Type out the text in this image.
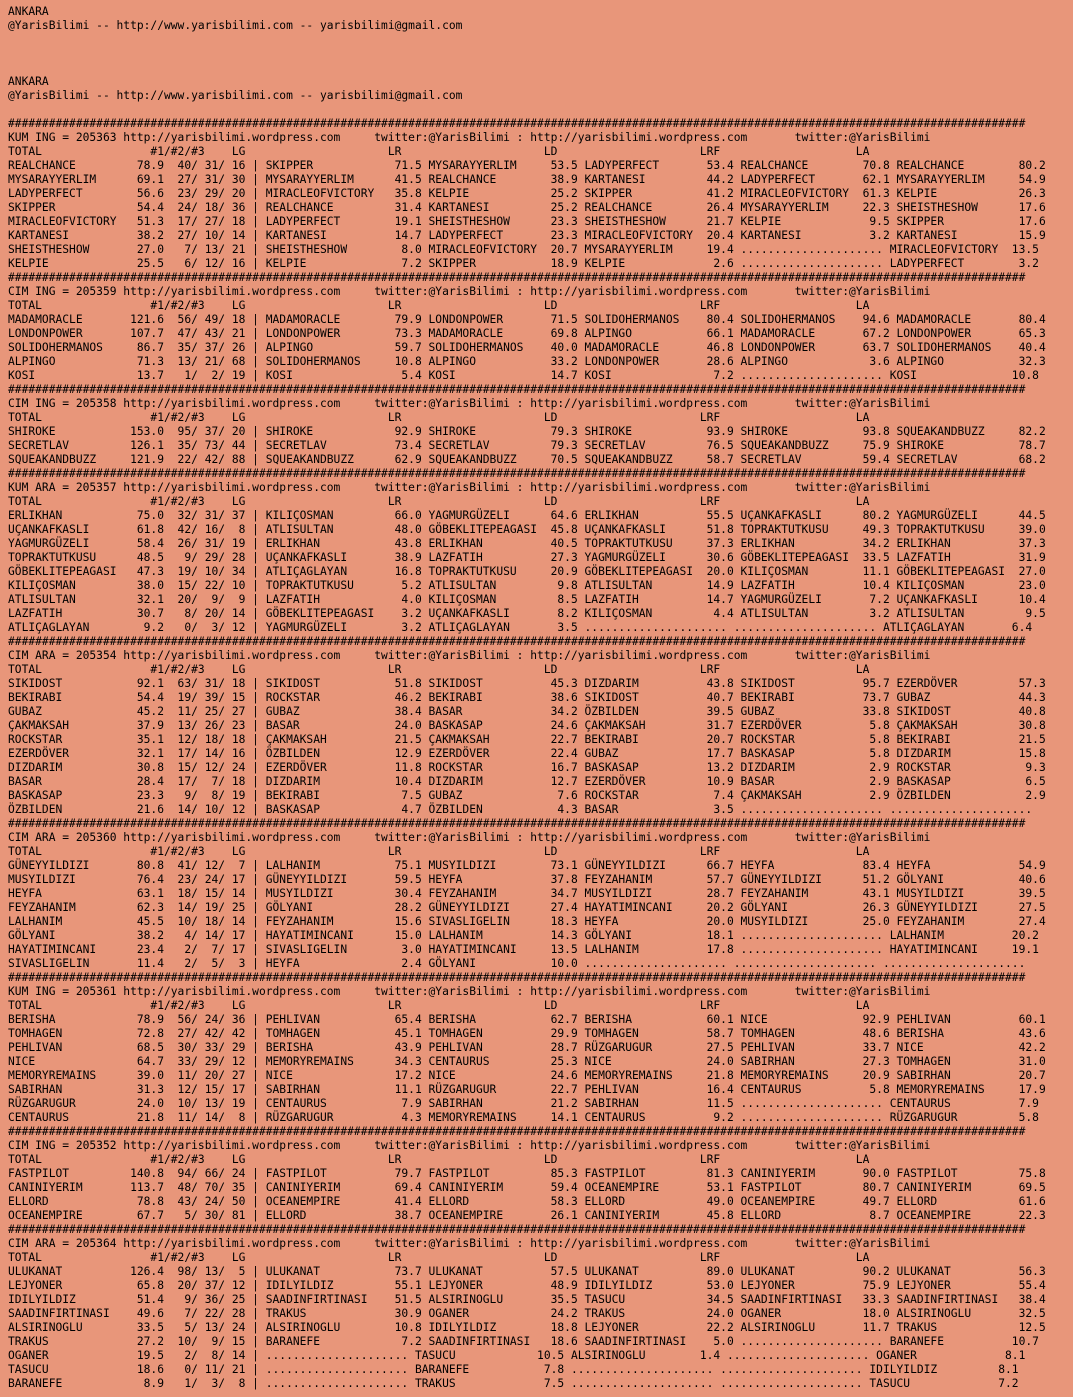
ANKARA
@YarisBilimi -- http://www.yarisbilimi.com -- yarisbilimi@gmail.com
ANKARA
@YarisBilimi -- http://www.yarisbilimi.com -- yarisbilimi@gmail.com
######################################################################################################################################################
KUM ING = 205363 http://yarisbilimi.wordpress.com     twitter:@YarisBilimi : http://yarisbilimi.wordpress.com       twitter:@YarisBilimi
TOTAL                #1/#2/#3    LG                     LR                     LD                     LRF                    LA
REALCHANCE         78.9  40/ 31/ 16 | SKIPPER            71.5 MYSARAYYERLIM     53.5 LADYPERFECT       53.4 REALCHANCE        70.8 REALCHANCE        80.2
MYSARAYYERLIM      69.1  27/ 31/ 30 | MYSARAYYERLIM      41.5 REALCHANCE        38.9 KARTANESI         44.2 LADYPERFECT       62.1 MYSARAYYERLIM     54.9
LADYPERFECT        56.6  23/ 29/ 20 | MIRACLEOFVICTORY   35.8 KELPIE            25.2 SKIPPER           41.2 MIRACLEOFVICTORY  61.3 KELPIE            26.3
SKIPPER            54.4  24/ 18/ 36 | REALCHANCE         31.4 KARTANESI         25.2 REALCHANCE        26.4 MYSARAYYERLIM     22.3 SHEISTHESHOW      17.6
MIRACLEOFVICTORY   51.3  17/ 27/ 18 | LADYPERFECT        19.1 SHEISTHESHOW      23.3 SHEISTHESHOW      21.7 KELPIE             9.5 SKIPPER           17.6
KARTANESI          38.2  27/ 10/ 14 | KARTANESI          14.7 LADYPERFECT       23.3 MIRACLEOFVICTORY  20.4 KARTANESI          3.2 KARTANESI         15.9
SHEISTHESHOW       27.0   7/ 13/ 21 | SHEISTHESHOW        8.0 MIRACLEOFVICTORY  20.7 MYSARAYYERLIM     19.4 ..................... MIRACLEOFVICTORY  13.5
KELPIE             25.5   6/ 12/ 16 | KELPIE              7.2 SKIPPER           18.9 KELPIE             2.6 ..................... LADYPERFECT        3.2
######################################################################################################################################################
CIM ING = 205359 http://yarisbilimi.wordpress.com     twitter:@YarisBilimi : http://yarisbilimi.wordpress.com       twitter:@YarisBilimi
TOTAL                #1/#2/#3    LG                     LR                     LD                     LRF                    LA
MADAMORACLE       121.6  56/ 49/ 18 | MADAMORACLE        79.9 LONDONPOWER       71.5 SOLIDOHERMANOS    80.4 SOLIDOHERMANOS    94.6 MADAMORACLE       80.4
LONDONPOWER       107.7  47/ 43/ 21 | LONDONPOWER        73.3 MADAMORACLE       69.8 ALPINGO           66.1 MADAMORACLE       67.2 LONDONPOWER       65.3
SOLIDOHERMANOS     86.7  35/ 37/ 26 | ALPINGO            59.7 SOLIDOHERMANOS    40.0 MADAMORACLE       46.8 LONDONPOWER       63.7 SOLIDOHERMANOS    40.4
ALPINGO            71.3  13/ 21/ 68 | SOLIDOHERMANOS     10.8 ALPINGO           33.2 LONDONPOWER       28.6 ALPINGO            3.6 ALPINGO           32.3
KOSI               13.7   1/  2/ 19 | KOSI                5.4 KOSI              14.7 KOSI               7.2 ..................... KOSI              10.8
######################################################################################################################################################
CIM ING = 205358 http://yarisbilimi.wordpress.com     twitter:@YarisBilimi : http://yarisbilimi.wordpress.com       twitter:@YarisBilimi
TOTAL                #1/#2/#3    LG                     LR                     LD                     LRF                    LA
SHIROKE           153.0  95/ 37/ 20 | SHIROKE            92.9 SHIROKE           79.3 SHIROKE           93.9 SHIROKE           93.8 SQUEAKANDBUZZ     82.2
SECRETLAV         126.1  35/ 73/ 44 | SECRETLAV          73.4 SECRETLAV         79.3 SECRETLAV         76.5 SQUEAKANDBUZZ     75.9 SHIROKE           78.7
SQUEAKANDBUZZ     121.9  22/ 42/ 88 | SQUEAKANDBUZZ      62.9 SQUEAKANDBUZZ     70.5 SQUEAKANDBUZZ     58.7 SECRETLAV         59.4 SECRETLAV         68.2
######################################################################################################################################################
KUM ARA = 205357 http://yarisbilimi.wordpress.com     twitter:@YarisBilimi : http://yarisbilimi.wordpress.com       twitter:@YarisBilimi
TOTAL                #1/#2/#3    LG                     LR                     LD                     LRF                    LA
ERLIKHAN           75.0  32/ 31/ 37 | KILIÇOSMAN         66.0 YAGMURGÜZELI      64.6 ERLIKHAN          55.5 UÇANKAFKASLI      80.2 YAGMURGÜZELI      44.5
UÇANKAFKASLI       61.8  42/ 16/  8 | ATLISULTAN         48.0 GÖBEKLITEPEAGASI  45.8 UÇANKAFKASLI      51.8 TOPRAKTUTKUSU     49.3 TOPRAKTUTKUSU     39.0
YAGMURGÜZELI       58.4  26/ 31/ 19 | ERLIKHAN           43.8 ERLIKHAN          40.5 TOPRAKTUTKUSU     37.3 ERLIKHAN          34.2 ERLIKHAN          37.3
TOPRAKTUTKUSU      48.5   9/ 29/ 28 | UÇANKAFKASLI       38.9 LAZFATIH          27.3 YAGMURGÜZELI      30.6 GÖBEKLITEPEAGASI  33.5 LAZFATIH          31.9
GÖBEKLITEPEAGASI   47.3  19/ 10/ 34 | ATLIÇAGLAYAN       16.8 TOPRAKTUTKUSU     20.9 GÖBEKLITEPEAGASI  20.0 KILIÇOSMAN        11.1 GÖBEKLITEPEAGASI  27.0
KILIÇOSMAN         38.0  15/ 22/ 10 | TOPRAKTUTKUSU       5.2 ATLISULTAN         9.8 ATLISULTAN        14.9 LAZFATIH          10.4 KILIÇOSMAN        23.0
ATLISULTAN         32.1  20/  9/  9 | LAZFATIH            4.0 KILIÇOSMAN         8.5 LAZFATIH          14.7 YAGMURGÜZELI       7.2 UÇANKAFKASLI      10.4
LAZFATIH           30.7   8/ 20/ 14 | GÖBEKLITEPEAGASI    3.2 UÇANKAFKASLI       8.2 KILIÇOSMAN         4.4 ATLISULTAN         3.2 ATLISULTAN         9.5
ATLIÇAGLAYAN        9.2   0/  3/ 12 | YAGMURGÜZELI        3.2 ATLIÇAGLAYAN       3.5 ..................... ..................... ATLIÇAGLAYAN       6.4
######################################################################################################################################################
CIM ARA = 205354 http://yarisbilimi.wordpress.com     twitter:@YarisBilimi : http://yarisbilimi.wordpress.com       twitter:@YarisBilimi
TOTAL                #1/#2/#3    LG                     LR                     LD                     LRF                    LA
SIKIDOST           92.1  63/ 31/ 18 | SIKIDOST           51.8 SIKIDOST          45.3 DIZDARIM          43.8 SIKIDOST          95.7 EZERDÖVER         57.3
BEKIRABI           54.4  19/ 39/ 15 | ROCKSTAR           46.2 BEKIRABI          38.6 SIKIDOST          40.7 BEKIRABI          73.7 GUBAZ             44.3
GUBAZ              45.2  11/ 25/ 27 | GUBAZ              38.4 BASAR             34.2 ÖZBILDEN          39.5 GUBAZ             33.8 SIKIDOST          40.8
ÇAKMAKSAH          37.9  13/ 26/ 23 | BASAR              24.0 BASKASAP          24.6 ÇAKMAKSAH         31.7 EZERDÖVER          5.8 ÇAKMAKSAH         30.8
ROCKSTAR           35.1  12/ 18/ 18 | ÇAKMAKSAH          21.5 ÇAKMAKSAH         22.7 BEKIRABI          20.7 ROCKSTAR           5.8 BEKIRABI          21.5
EZERDÖVER          32.1  17/ 14/ 16 | ÖZBILDEN           12.9 EZERDÖVER         22.4 GUBAZ             17.7 BASKASAP           5.8 DIZDARIM          15.8
DIZDARIM           30.8  15/ 12/ 24 | EZERDÖVER          11.8 ROCKSTAR          16.7 BASKASAP          13.2 DIZDARIM           2.9 ROCKSTAR           9.3
BASAR              28.4  17/  7/ 18 | DIZDARIM           10.4 DIZDARIM          12.7 EZERDÖVER         10.9 BASAR              2.9 BASKASAP           6.5
BASKASAP           23.3   9/  8/ 19 | BEKIRABI            7.5 GUBAZ              7.6 ROCKSTAR           7.4 ÇAKMAKSAH          2.9 ÖZBILDEN           2.9
ÖZBILDEN           21.6  14/ 10/ 12 | BASKASAP            4.7 ÖZBILDEN           4.3 BASAR              3.5 ..................... .....................
######################################################################################################################################################
CIM ARA = 205360 http://yarisbilimi.wordpress.com     twitter:@YarisBilimi : http://yarisbilimi.wordpress.com       twitter:@YarisBilimi
TOTAL                #1/#2/#3    LG                     LR                     LD                     LRF                    LA
GÜNEYYILDIZI       80.8  41/ 12/  7 | LALHANIM           75.1 MUSYILDIZI        73.1 GÜNEYYILDIZI      66.7 HEYFA             83.4 HEYFA             54.9
MUSYILDIZI         76.4  23/ 24/ 17 | GÜNEYYILDIZI       59.5 HEYFA             37.8 FEYZAHANIM        57.7 GÜNEYYILDIZI      51.2 GÖLYANI           40.6
HEYFA              63.1  18/ 15/ 14 | MUSYILDIZI         30.4 FEYZAHANIM        34.7 MUSYILDIZI        28.7 FEYZAHANIM        43.1 MUSYILDIZI        39.5
FEYZAHANIM         62.3  14/ 19/ 25 | GÖLYANI            28.2 GÜNEYYILDIZI      27.4 HAYATIMINCANI     20.2 GÖLYANI           26.3 GÜNEYYILDIZI      27.5
LALHANIM           45.5  10/ 18/ 14 | FEYZAHANIM         15.6 SIVASLIGELIN      18.3 HEYFA             20.0 MUSYILDIZI        25.0 FEYZAHANIM        27.4
GÖLYANI            38.2   4/ 14/ 17 | HAYATIMINCANI      15.0 LALHANIM          14.3 GÖLYANI           18.1 ..................... LALHANIM          20.2
HAYATIMINCANI      23.4   2/  7/ 17 | SIVASLIGELIN        3.0 HAYATIMINCANI     13.5 LALHANIM          17.8 ..................... HAYATIMINCANI     19.1
SIVASLIGELIN       11.4   2/  5/  3 | HEYFA               2.4 GÖLYANI           10.0 ..................... ..................... .....................
######################################################################################################################################################
KUM ING = 205361 http://yarisbilimi.wordpress.com     twitter:@YarisBilimi : http://yarisbilimi.wordpress.com       twitter:@YarisBilimi
TOTAL                #1/#2/#3    LG                     LR                     LD                     LRF                    LA
BERISHA            78.9  56/ 24/ 36 | PEHLIVAN           65.4 BERISHA           62.7 BERISHA           60.1 NICE              92.9 PEHLIVAN          60.1
TOMHAGEN           72.8  27/ 42/ 42 | TOMHAGEN           45.1 TOMHAGEN          29.9 TOMHAGEN          58.7 TOMHAGEN          48.6 BERISHA           43.6
PEHLIVAN           68.5  30/ 33/ 29 | BERISHA            43.9 PEHLIVAN          28.7 RÜZGARUGUR        27.5 PEHLIVAN          33.7 NICE              42.2
NICE               64.7  33/ 29/ 12 | MEMORYREMAINS      34.3 CENTAURUS         25.3 NICE              24.0 SABIRHAN          27.3 TOMHAGEN          31.0
MEMORYREMAINS      39.0  11/ 20/ 27 | NICE               17.2 NICE              24.6 MEMORYREMAINS     21.8 MEMORYREMAINS     20.9 SABIRHAN          20.7
SABIRHAN           31.3  12/ 15/ 17 | SABIRHAN           11.1 RÜZGARUGUR        22.7 PEHLIVAN          16.4 CENTAURUS          5.8 MEMORYREMAINS     17.9
RÜZGARUGUR         24.0  10/ 13/ 19 | CENTAURUS           7.9 SABIRHAN          21.2 SABIRHAN          11.5 ..................... CENTAURUS          7.9
CENTAURUS          21.8  11/ 14/  8 | RÜZGARUGUR          4.3 MEMORYREMAINS     14.1 CENTAURUS          9.2 ..................... RÜZGARUGUR         5.8
######################################################################################################################################################
CIM ING = 205352 http://yarisbilimi.wordpress.com     twitter:@YarisBilimi : http://yarisbilimi.wordpress.com       twitter:@YarisBilimi
TOTAL                #1/#2/#3    LG                     LR                     LD                     LRF                    LA
FASTPILOT         140.8  94/ 66/ 24 | FASTPILOT          79.7 FASTPILOT         85.3 FASTPILOT         81.3 CANINIYERIM       90.0 FASTPILOT         75.8
CANINIYERIM       113.7  48/ 70/ 35 | CANINIYERIM        69.4 CANINIYERIM       59.4 OCEANEMPIRE       53.1 FASTPILOT         80.7 CANINIYERIM       69.5
ELLORD             78.8  43/ 24/ 50 | OCEANEMPIRE        41.4 ELLORD            58.3 ELLORD            49.0 OCEANEMPIRE       49.7 ELLORD            61.6
OCEANEMPIRE        67.7   5/ 30/ 81 | ELLORD             38.7 OCEANEMPIRE       26.1 CANINIYERIM       45.8 ELLORD             8.7 OCEANEMPIRE       22.3
######################################################################################################################################################
CIM ARA = 205364 http://yarisbilimi.wordpress.com     twitter:@YarisBilimi : http://yarisbilimi.wordpress.com       twitter:@YarisBilimi
TOTAL                #1/#2/#3    LG                     LR                     LD                     LRF                    LA
ULUKANAT          126.4  98/ 13/  5 | ULUKANAT           73.7 ULUKANAT          57.5 ULUKANAT          89.0 ULUKANAT          90.2 ULUKANAT          56.3
LEJYONER           65.8  20/ 37/ 12 | IDILYILDIZ         55.1 LEJYONER          48.9 IDILYILDIZ        53.0 LEJYONER          75.9 LEJYONER          55.4
IDILYILDIZ         51.4   9/ 36/ 25 | SAADINFIRTINASI    51.5 ALSIRINOGLU       35.5 TASUCU            34.5 SAADINFIRTINASI   33.3 SAADINFIRTINASI   38.4
SAADINFIRTINASI    49.6   7/ 22/ 28 | TRAKUS             30.9 OGANER            24.2 TRAKUS            24.0 OGANER            18.0 ALSIRINOGLU       32.5
ALSIRINOGLU        33.5   5/ 13/ 24 | ALSIRINOGLU        10.8 IDILYILDIZ        18.8 LEJYONER          22.2 ALSIRINOGLU       11.7 TRAKUS            12.5
TRAKUS             27.2  10/  9/ 15 | BARANEFE            7.2 SAADINFIRTINASI   18.6 SAADINFIRTINASI    5.0 ..................... BARANEFE          10.7
OGANER             19.5   2/  8/ 14 | ..................... TASUCU            10.5 ALSIRINOGLU        1.4 ..................... OGANER             8.1
TASUCU             18.6   0/ 11/ 21 | ..................... BARANEFE           7.8 ..................... ..................... IDILYILDIZ         8.1
BARANEFE            8.9   1/  3/  8 | ..................... TRAKUS             7.5 ..................... ..................... TASUCU             7.2
